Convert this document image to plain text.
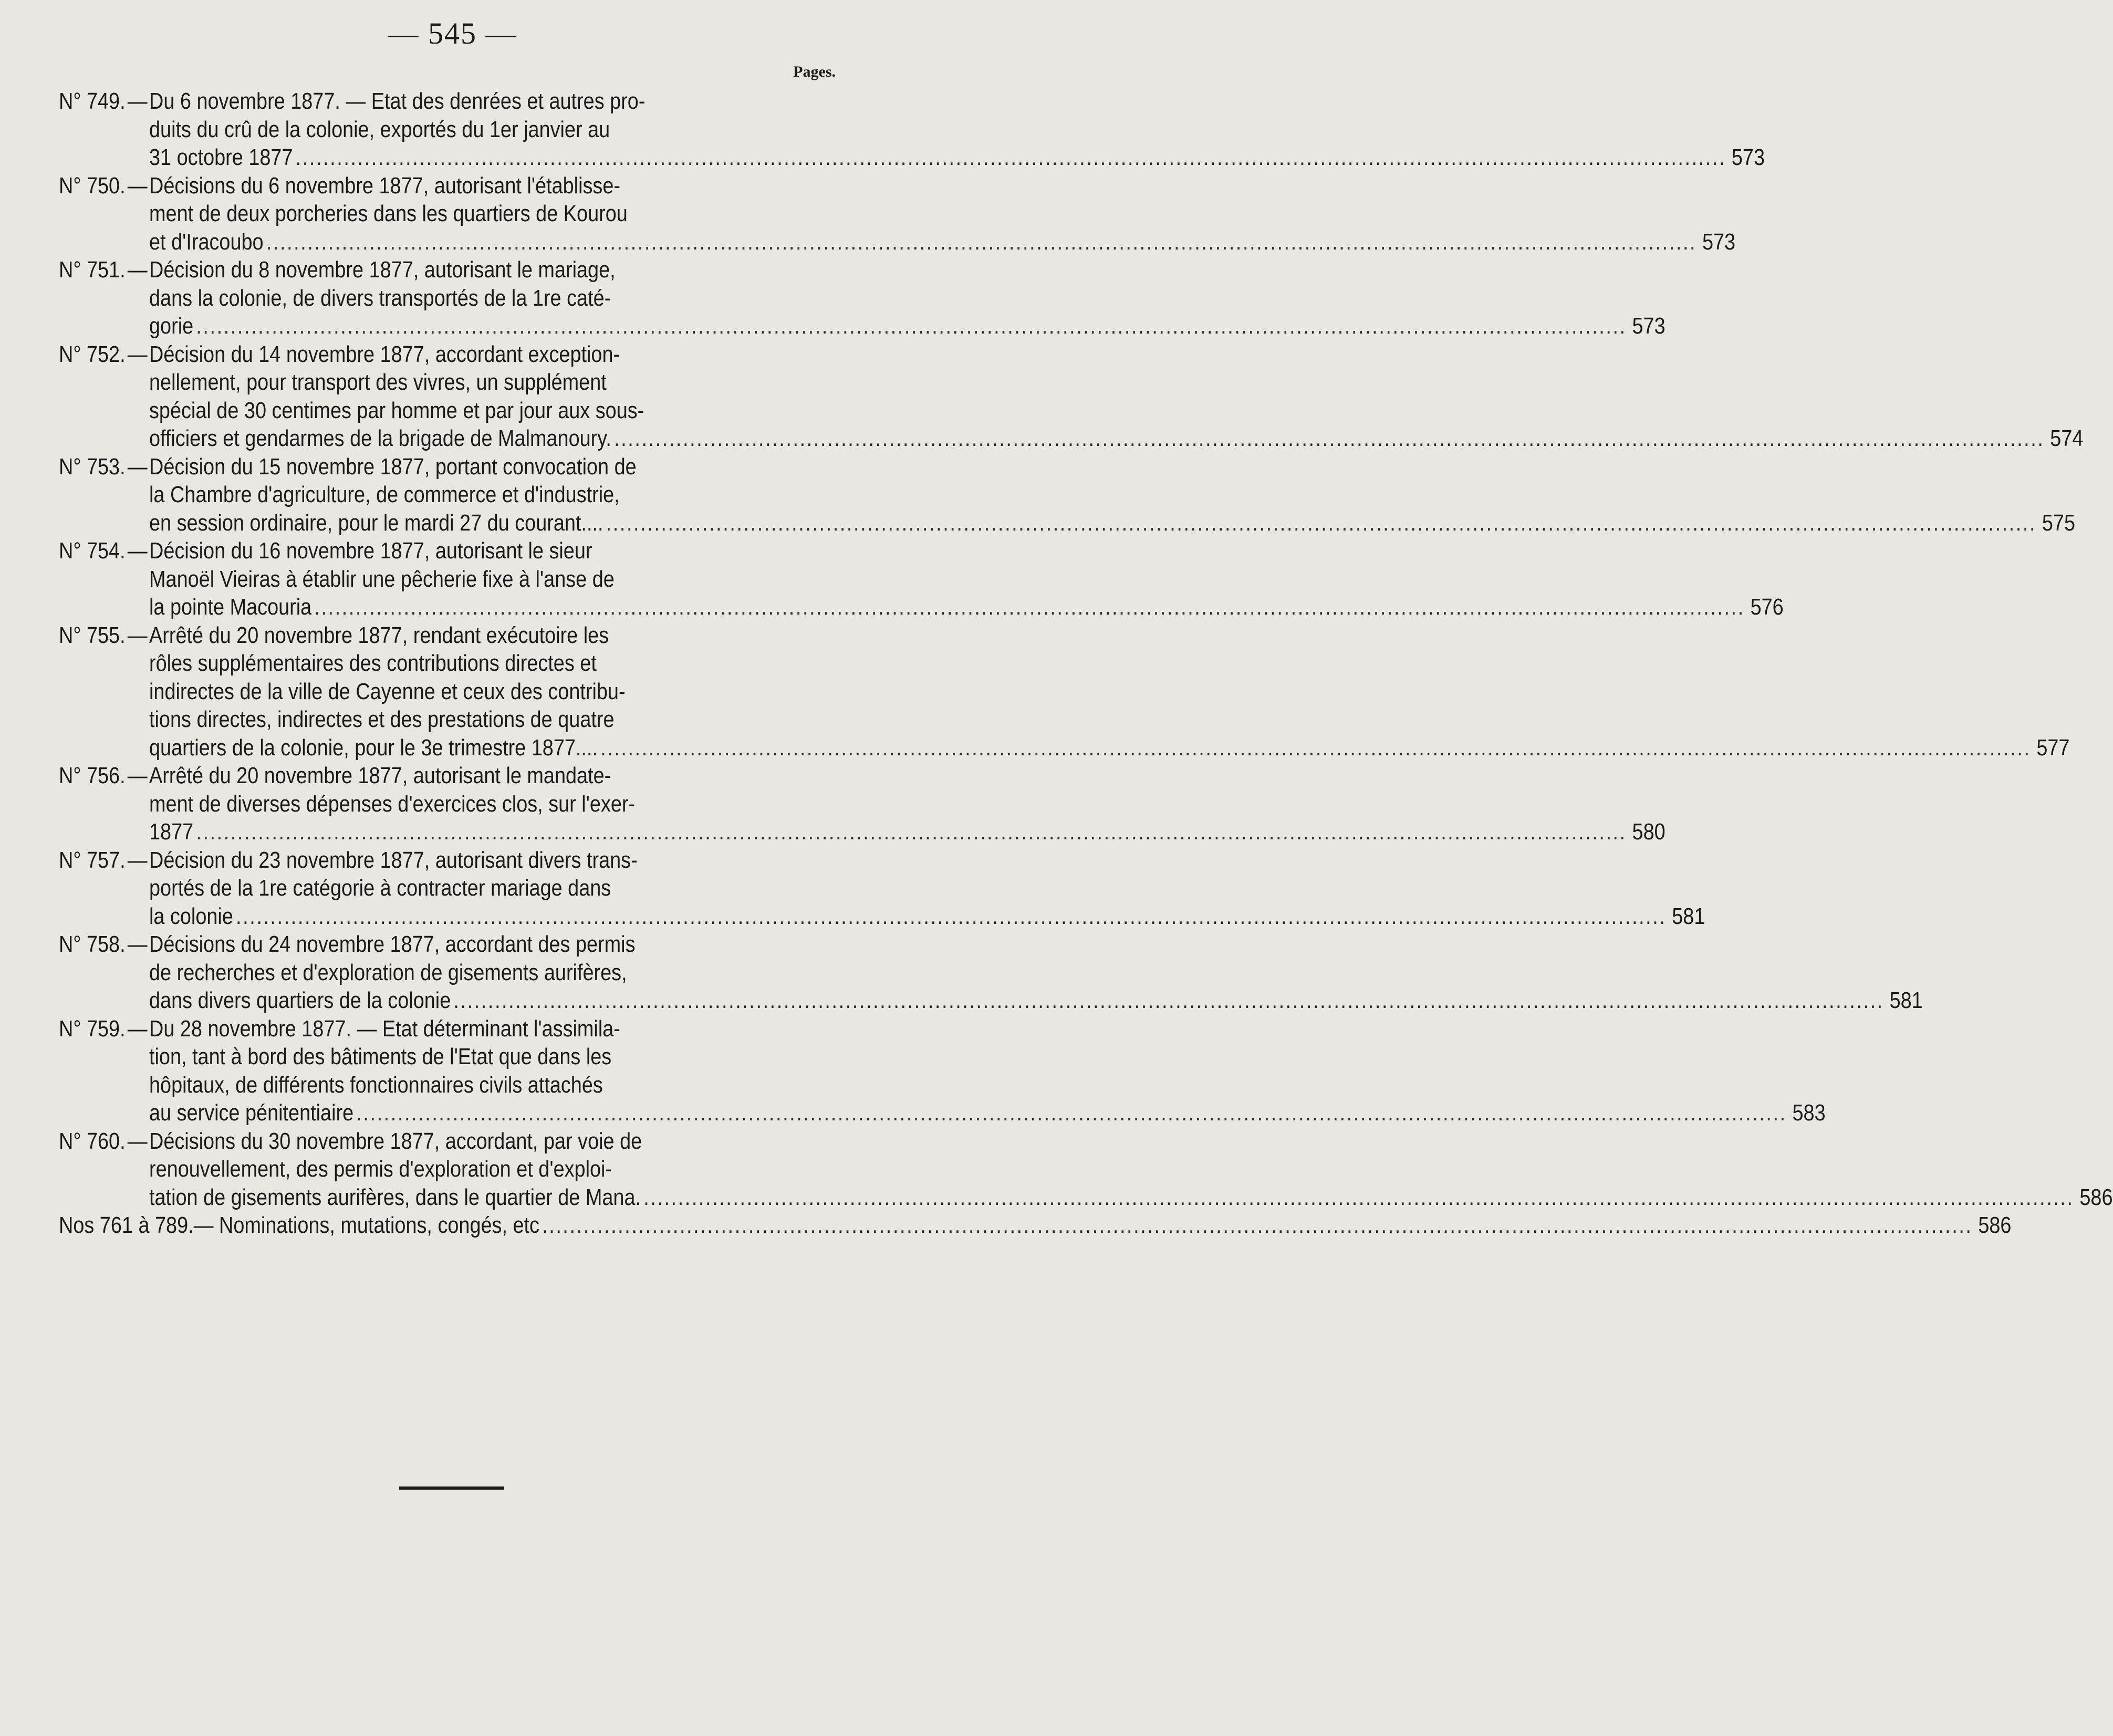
— 545 —
Pages.
N° 749. — Du 6 novembre 1877. — Etat des denrées et autres pro-
duits du crû de la colonie, exportés du 1er janvier au
31 octobre 1877 .....	573
N° 750. — Décisions du 6 novembre 1877, autorisant l'établisse-
ment de deux porcheries dans les quartiers de Kourou
et d'Iracoubo .....	573
N° 751. — Décision du 8 novembre 1877, autorisant le mariage,
dans la colonie, de divers transportés de la 1re caté-
gorie .....	573
N° 752. — Décision du 14 novembre 1877, accordant exception-
nellement, pour transport des vivres, un supplément
spécial de 30 centimes par homme et par jour aux sous-
officiers et gendarmes de la brigade de Malmanoury. .....	574
N° 753. — Décision du 15 novembre 1877, portant convocation de
la Chambre d'agriculture, de commerce et d'industrie,
en session ordinaire, pour le mardi 27 du courant.... .....	575
N° 754. — Décision du 16 novembre 1877, autorisant le sieur
Manoël Vieiras à établir une pêcherie fixe à l'anse de
la pointe Macouria .....	576
N° 755. — Arrêté du 20 novembre 1877, rendant exécutoire les
rôles supplémentaires des contributions directes et
indirectes de la ville de Cayenne et ceux des contribu-
tions directes, indirectes et des prestations de quatre
quartiers de la colonie, pour le 3e trimestre 1877.... .....	577
N° 756. — Arrêté du 20 novembre 1877, autorisant le mandate-
ment de diverses dépenses d'exercices clos, sur l'exer-
1877 .....	580
N° 757. — Décision du 23 novembre 1877, autorisant divers trans-
portés de la 1re catégorie à contracter mariage dans
la colonie .....	581
N° 758. — Décisions du 24 novembre 1877, accordant des permis
de recherches et d'exploration de gisements aurifères,
dans divers quartiers de la colonie .....	581
N° 759. — Du 28 novembre 1877. — Etat déterminant l'assimila-
tion, tant à bord des bâtiments de l'Etat que dans les
hôpitaux, de différents fonctionnaires civils attachés
au service pénitentiaire .....	583
N° 760. — Décisions du 30 novembre 1877, accordant, par voie de
renouvellement, des permis d'exploration et d'exploi-
tation de gisements aurifères, dans le quartier de Mana. .....	586
Nos 761 à 789. — Nominations, mutations, congés, etc .....	586
